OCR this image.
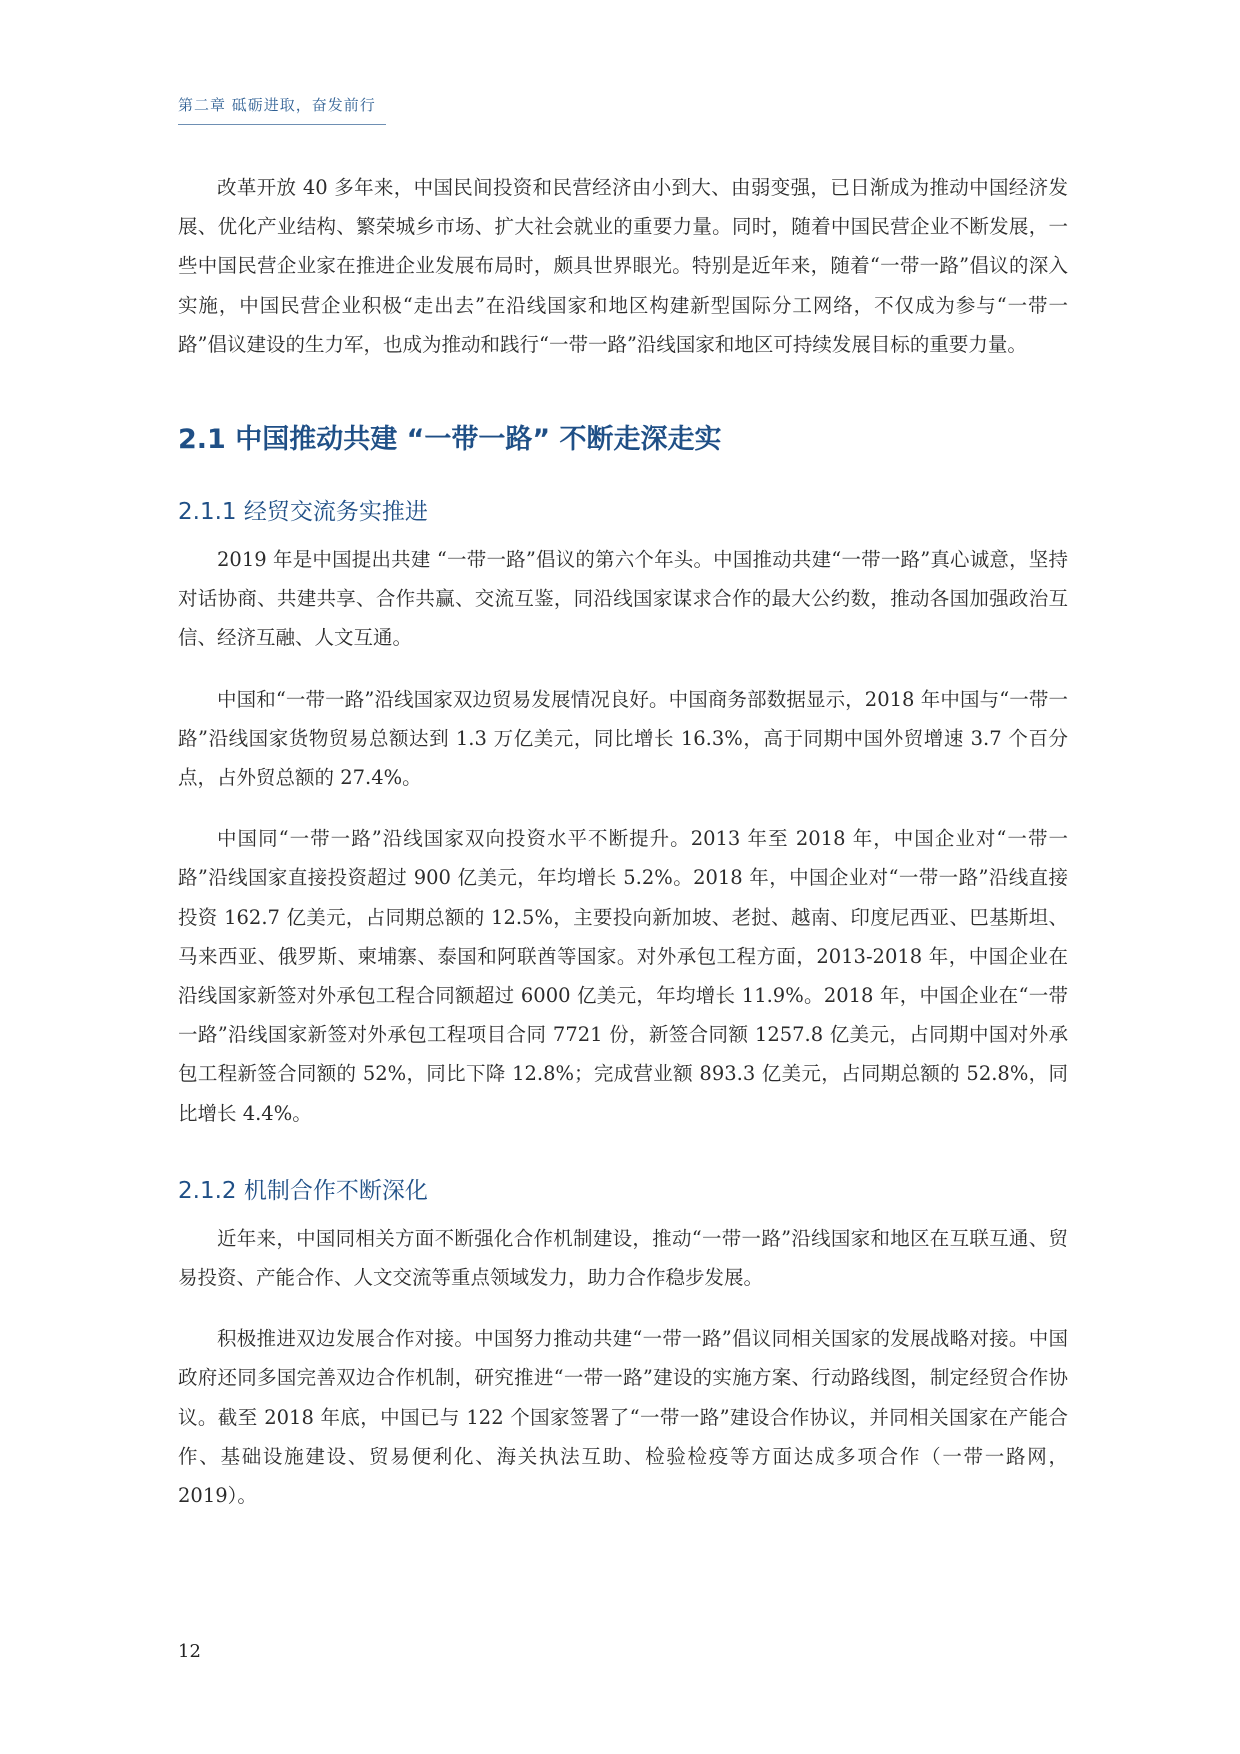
第二章 砥砺进取，奋发前行

改革开放 40 多年来，中国民间投资和民营经济由小到大、由弱变强，已日渐成为推动中国经济发展、优化产业结构、繁荣城乡市场、扩大社会就业的重要力量。同时，随着中国民营企业不断发展，一些中国民营企业家在推进企业发展布局时，颇具世界眼光。特别是近年来，随着“一带一路”倡议的深入实施，中国民营企业积极“走出去”在沿线国家和地区构建新型国际分工网络，不仅成为参与“一带一路”倡议建设的生力军，也成为推动和践行“一带一路”沿线国家和地区可持续发展目标的重要力量。

2.1 中国推动共建 “一带一路” 不断走深走实
2.1.1 经贸交流务实推进

2019 年是中国提出共建 “一带一路”倡议的第六个年头。中国推动共建“一带一路”真心诚意，坚持对话协商、共建共享、合作共赢、交流互鉴，同沿线国家谋求合作的最大公约数，推动各国加强政治互信、经济互融、人文互通。

中国和“一带一路”沿线国家双边贸易发展情况良好。中国商务部数据显示，2018 年中国与“一带一路”沿线国家货物贸易总额达到 1.3 万亿美元，同比增长 16.3%，高于同期中国外贸增速 3.7 个百分点，占外贸总额的 27.4%。

中国同“一带一路”沿线国家双向投资水平不断提升。2013 年至 2018 年，中国企业对“一带一路”沿线国家直接投资超过 900 亿美元，年均增长 5.2%。2018 年，中国企业对“一带一路”沿线直接投资 162.7 亿美元，占同期总额的 12.5%，主要投向新加坡、老挝、越南、印度尼西亚、巴基斯坦、马来西亚、俄罗斯、柬埔寨、泰国和阿联酋等国家。对外承包工程方面，2013-2018 年，中国企业在沿线国家新签对外承包工程合同额超过 6000 亿美元，年均增长 11.9%。2018 年，中国企业在“一带一路”沿线国家新签对外承包工程项目合同 7721 份，新签合同额 1257.8 亿美元，占同期中国对外承包工程新签合同额的 52%，同比下降 12.8%；完成营业额 893.3 亿美元，占同期总额的 52.8%，同比增长 4.4%。

2.1.2 机制合作不断深化

近年来，中国同相关方面不断强化合作机制建设，推动“一带一路”沿线国家和地区在互联互通、贸易投资、产能合作、人文交流等重点领域发力，助力合作稳步发展。

积极推进双边发展合作对接。中国努力推动共建“一带一路”倡议同相关国家的发展战略对接。中国政府还同多国完善双边合作机制，研究推进“一带一路”建设的实施方案、行动路线图，制定经贸合作协议。截至 2018 年底，中国已与 122 个国家签署了“一带一路”建设合作协议，并同相关国家在产能合作、基础设施建设、贸易便利化、海关执法互助、检验检疫等方面达成多项合作（一带一路网，2019）。

12
